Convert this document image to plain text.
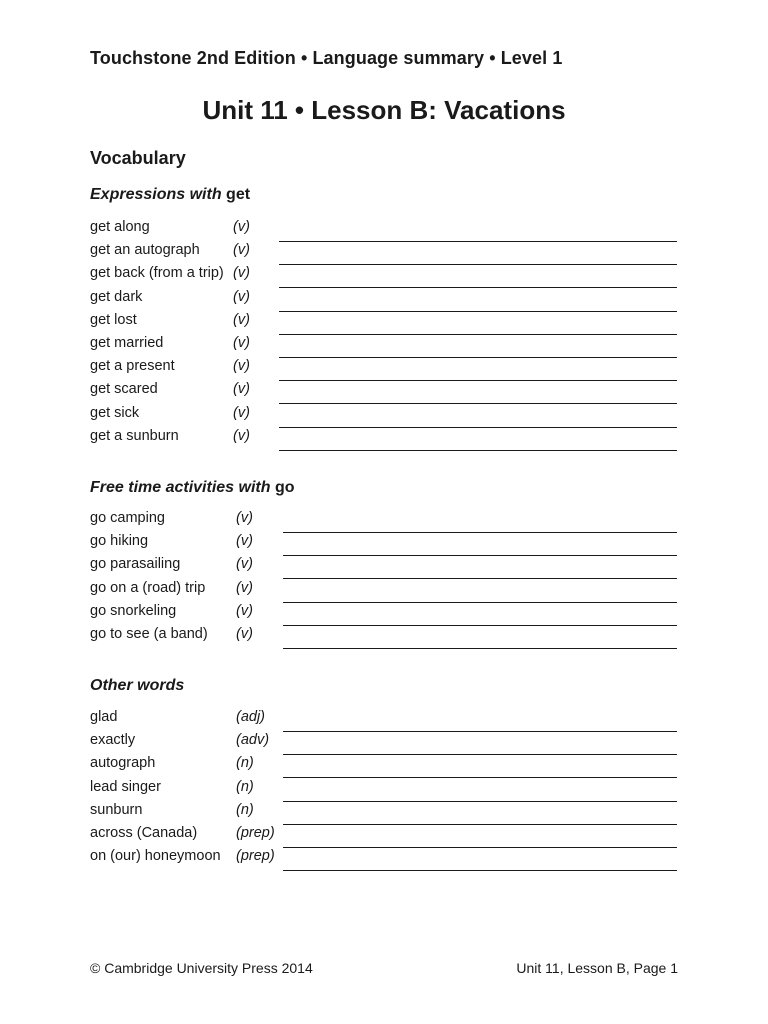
Touchstone 2nd Edition • Language summary • Level 1
Unit 11 • Lesson B: Vacations
Vocabulary
Expressions with get
get along	(v)
get an autograph (v)
get back (from a trip) (v)
get dark	(v)
get lost	(v)
get married	(v)
get a present	(v)
get scared	(v)
get sick	(v)
get a sunburn	(v)
Free time activities with go
go camping	(v)
go hiking	(v)
go parasailing	(v)
go on a (road) trip (v)
go snorkeling	(v)
go to see (a band) (v)
Other words
glad	(adj)
exactly	(adv)
autograph	(n)
lead singer	(n)
sunburn	(n)
across (Canada)	(prep)
on (our) honeymoon (prep)
© Cambridge University Press 2014	Unit 11, Lesson B, Page 1
